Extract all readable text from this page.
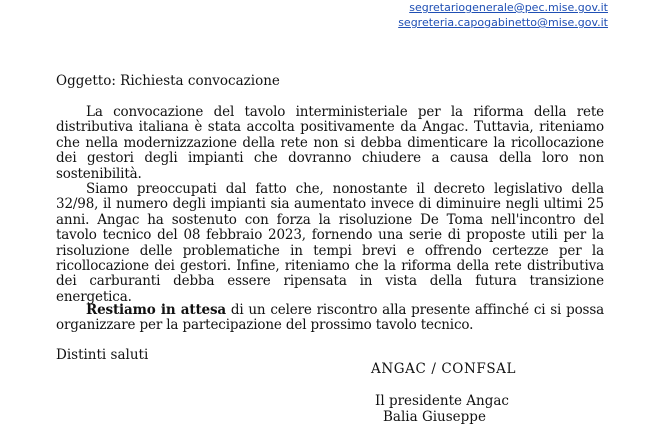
segretariogenerale@pec.mise.gov.it
segreteria.capogabinetto@mise.gov.it

Oggetto: Richiesta convocazione

La convocazione del tavolo interministeriale per la riforma della rete distributiva italiana è stata accolta positivamente da Angac. Tuttavia, riteniamo che nella modernizzazione della rete non si debba dimenticare la ricollocazione dei gestori degli impianti che dovranno chiudere a causa della loro non sostenibilità.

Siamo preoccupati dal fatto che, nonostante il decreto legislativo della 32/98, il numero degli impianti sia aumentato invece di diminuire negli ultimi 25 anni. Angac ha sostenuto con forza la risoluzione De Toma nell'incontro del tavolo tecnico del 08 febbraio 2023, fornendo una serie di proposte utili per la risoluzione delle problematiche in tempi brevi e offrendo certezze per la ricollocazione dei gestori. Infine, riteniamo che la riforma della rete distributiva dei carburanti debba essere ripensata in vista della futura transizione energetica.

Restiamo in attesa di un celere riscontro alla presente affinché ci si possa organizzare per la partecipazione del prossimo tavolo tecnico.

Distinti saluti

ANGAC / CONFSAL

Il presidente Angac

Balia Giuseppe
